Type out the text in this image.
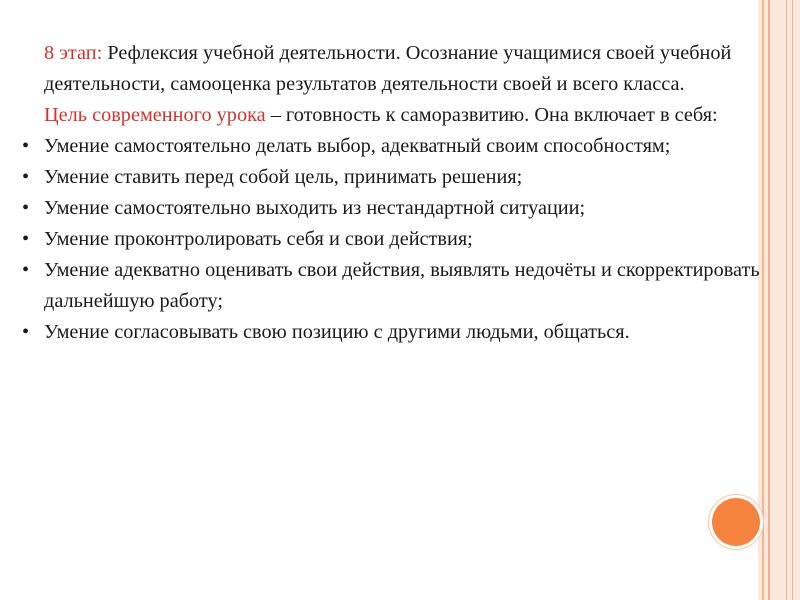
8 этап: Рефлексия учебной деятельности. Осознание учащимися своей учебной деятельности, самооценка результатов деятельности своей и всего класса.

Цель современного урока – готовность к саморазвитию. Она включает в себя:

• Умение самостоятельно делать выбор, адекватный своим способностям;
• Умение ставить перед собой цель, принимать решения;
• Умение самостоятельно выходить из нестандартной ситуации;
• Умение проконтролировать себя и свои действия;
• Умение адекватно оценивать свои действия, выявлять недочёты и скорректировать дальнейшую работу;
• Умение согласовывать свою позицию с другими людьми, общаться.
